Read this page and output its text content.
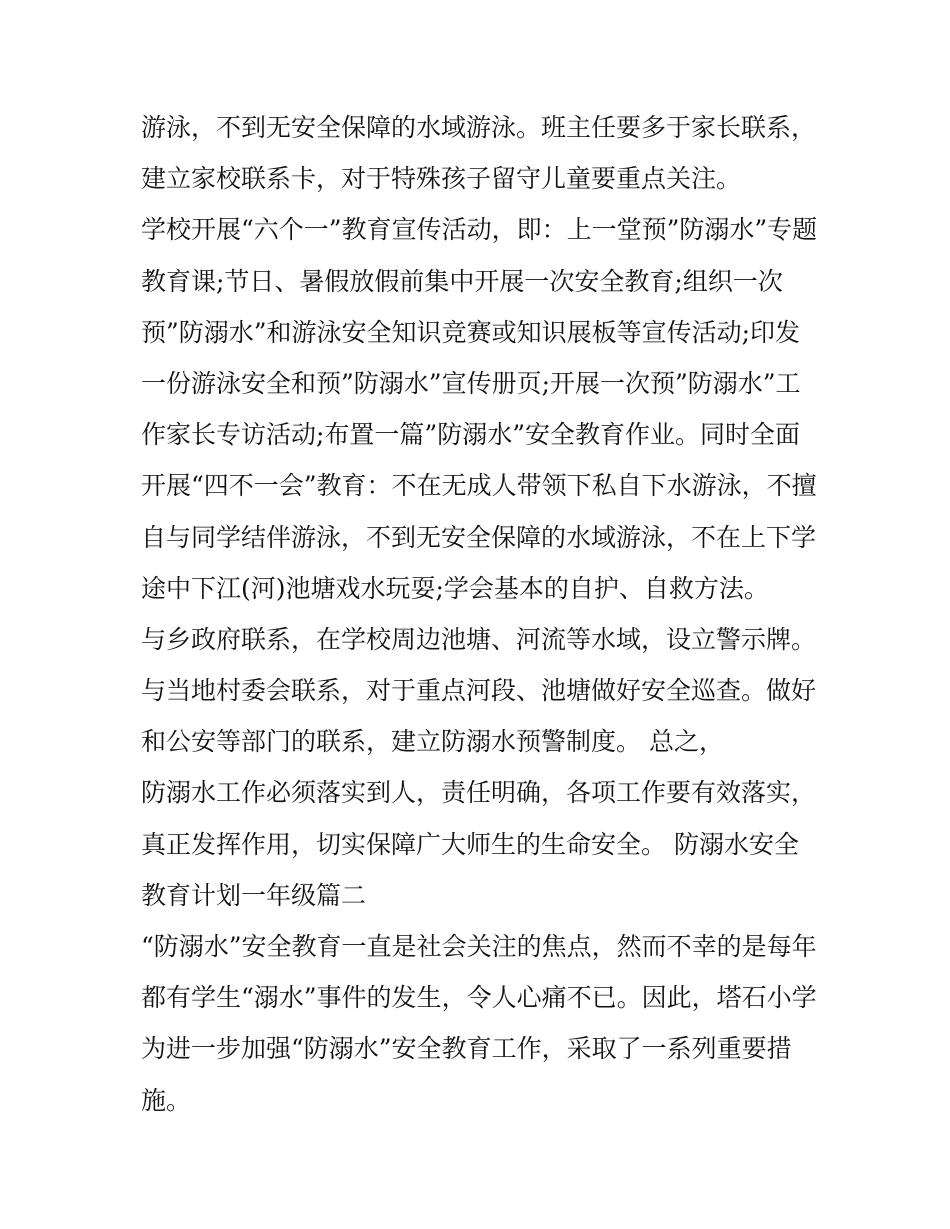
游泳，不到无安全保障的水域游泳。班主任要多于家长联系，
建立家校联系卡，对于特殊孩子留守儿童要重点关注。
学校开展“六个一”教育宣传活动，即：上一堂预”防溺水”专题
教育课;节日、暑假放假前集中开展一次安全教育;组织一次
预”防溺水”和游泳安全知识竞赛或知识展板等宣传活动;印发
一份游泳安全和预”防溺水”宣传册页;开展一次预”防溺水”工
作家长专访活动;布置一篇”防溺水”安全教育作业。同时全面
开展“四不一会”教育：不在无成人带领下私自下水游泳，不擅
自与同学结伴游泳，不到无安全保障的水域游泳，不在上下学
途中下江(河)池塘戏水玩耍;学会基本的自护、自救方法。
与乡政府联系，在学校周边池塘、河流等水域，设立警示牌。
与当地村委会联系，对于重点河段、池塘做好安全巡查。做好
和公安等部门的联系，建立防溺水预警制度。 总之，
防溺水工作必须落实到人，责任明确，各项工作要有效落实，
真正发挥作用，切实保障广大师生的生命安全。 防溺水安全
教育计划一年级篇二
“防溺水”安全教育一直是社会关注的焦点，然而不幸的是每年
都有学生“溺水”事件的发生，令人心痛不已。因此，塔石小学
为进一步加强“防溺水”安全教育工作，采取了一系列重要措
施。
